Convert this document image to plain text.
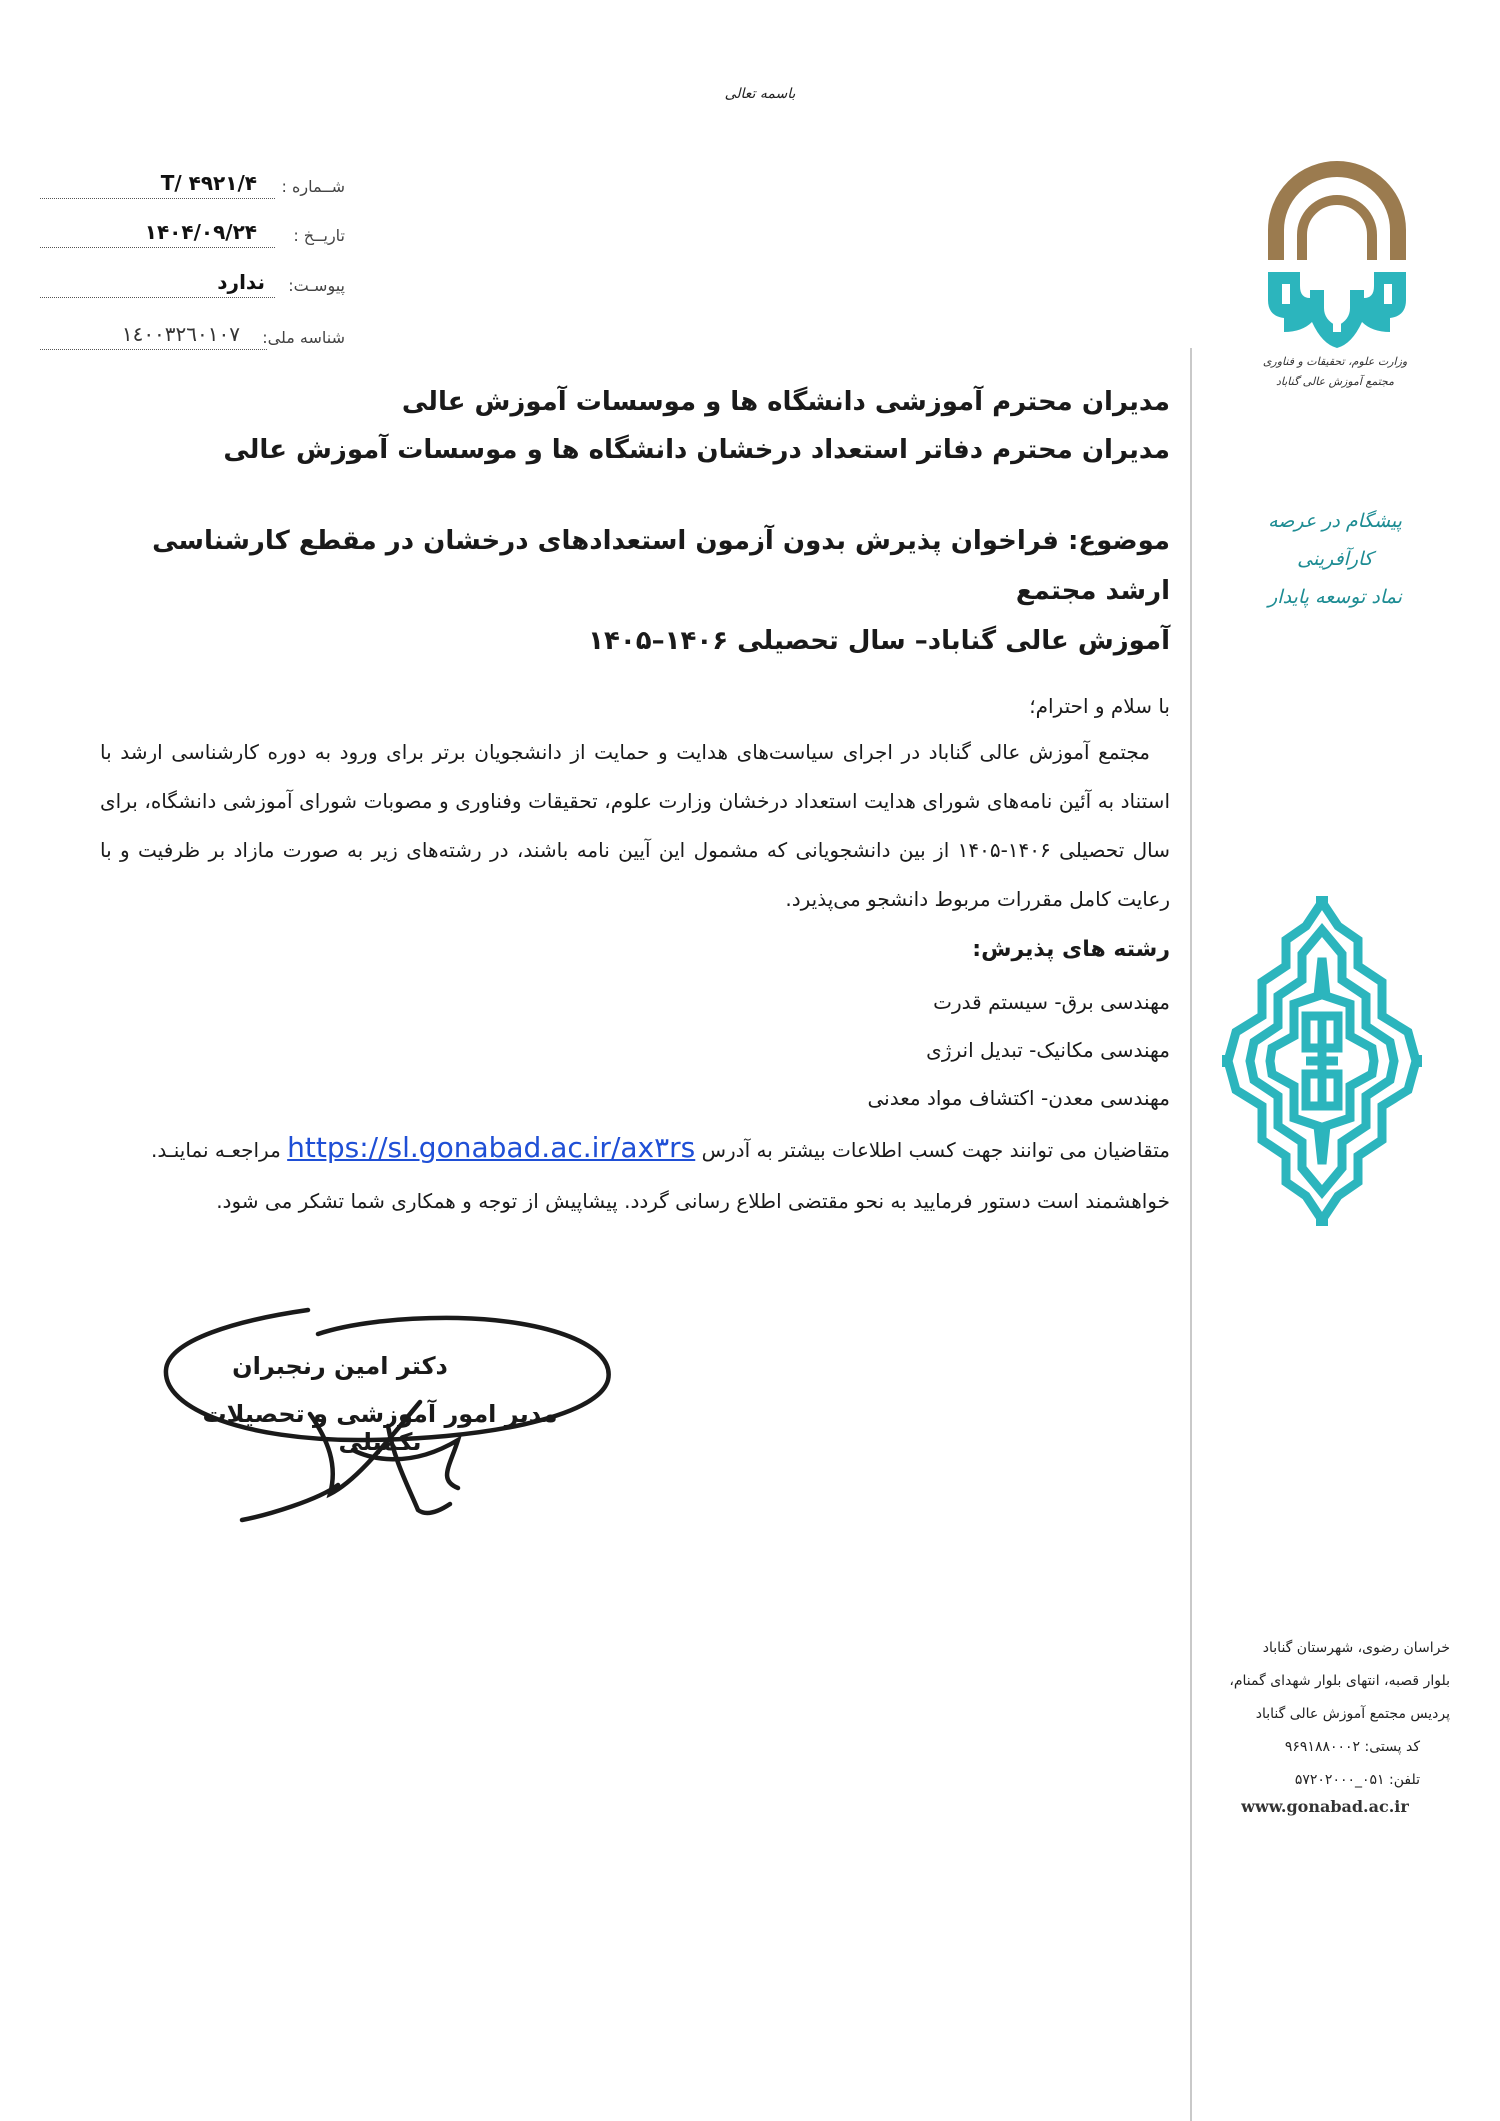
باسمه تعالی
شــماره :
۴/T/ ۴۹۲۱
تاریــخ :
۱۴۰۴/۰۹/۲۴
پیوسـت:
ندارد
شناسه ملی:
١٤٠٠٣٢٦٠١٠٧
وزارت علوم، تحقیقات و فناوری
مجتمع آموزش عالی گناباد
پیشگام در عرصه کارآفرینی
نماد توسعه پایدار
خراسان رضوی، شهرستان گناباد
بلوار قصبه، انتهای بلوار شهدای گمنام،
پردیس مجتمع آموزش عالی گناباد
کد پستی: ۹۶۹۱۸۸۰۰۰۲
تلفن: ۰۵۱_۵۷۲۰۲۰۰۰
www.gonabad.ac.ir
مدیران محترم آموزشی دانشگاه ها و موسسات آموزش عالی
مدیران محترم دفاتر استعداد درخشان دانشگاه ها و موسسات آموزش عالی
موضوع: فراخوان پذیرش بدون آزمون استعدادهای درخشان در مقطع کارشناسی ارشد مجتمع
آموزش عالی گناباد– سال تحصیلی ۱۴۰۶–۱۴۰۵
با سلام و احترام؛
مجتمع آموزش عالی گناباد در اجرای سیاست‌های هدایت و حمایت از دانشجویان برتر برای ورود به دوره کارشناسی ارشد با استناد به آئین نامه‌های شورای هدایت استعداد درخشان وزارت علوم، تحقیقات وفناوری و مصوبات شورای آموزشی دانشگاه، برای سال تحصیلی ۱۴۰۶-۱۴۰۵ از بین دانشجویانی که مشمول این آیین نامه باشند، در رشته‌های زیر به صورت مازاد بر ظرفیت و با رعایت کامل مقررات مربوط دانشجو می‌پذیرد.
رشته های پذیرش:
مهندسی برق- سیستم قدرت
مهندسی مکانیک- تبدیل انرژی
مهندسی معدن- اکتشاف مواد معدنی
متقاضیان می توانند جهت کسب اطلاعات بیشتر به آدرس https://sl.gonabad.ac.ir/ax۳rs مراجعـه نماینـد.
خواهشمند است دستور فرمایید به نحو مقتضی اطلاع رسانی گردد. پیشاپیش از توجه و همکاری شما تشکر می شود.
دکتر امین رنجبران
مدیر امور آموزشی و تحصیلات تکمیلی
